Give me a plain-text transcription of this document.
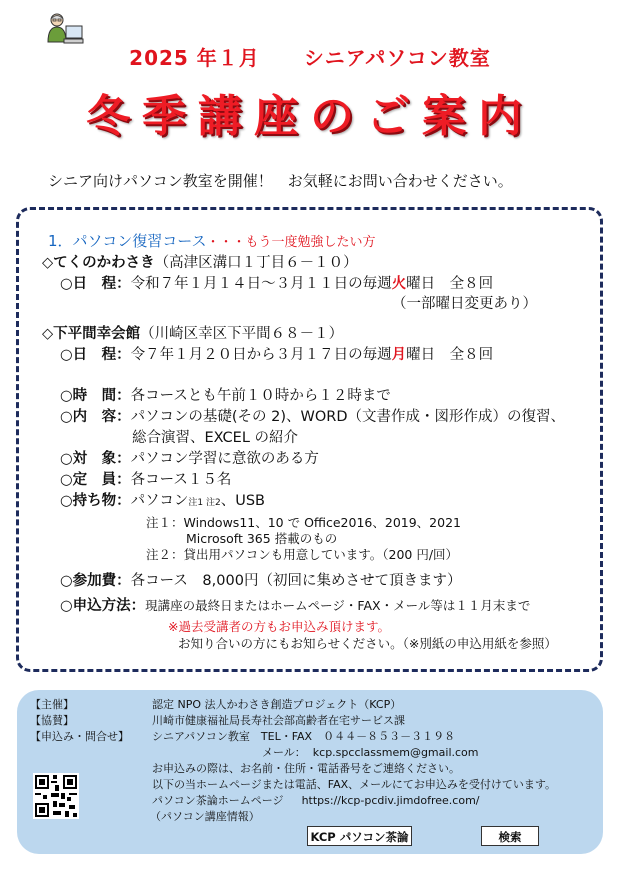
2025 年１月 シニアパソコン教室
冬季講座のご案内
シニア向けパソコン教室を開催！　お気軽にお問い合わせください。
1．パソコン復習コース・・・もう一度勉強したい方
◇てくのかわさき（高津区溝口１丁目６－１０）
○日　程：令和７年１月１４日～３月１１日の毎週火曜日　全８回
（一部曜日変更あり）
◇下平間幸会館（川崎区幸区下平間６８－１）
○日　程：令７年１月２０日から３月１７日の毎週月曜日　全８回
○時　間：各コースとも午前１０時から１２時まで
○内　容：パソコンの基礎(その 2)、WORD（文書作成・図形作成）の復習、
総合演習、EXCEL の紹介
○対　象：パソコン学習に意欲のある方
○定　員：各コース１５名
○持ち物：パソコン注1 注2、USB
注１：Windows11、10 で Office2016、2019、2021
Microsoft 365 搭載のもの
注２：貸出用パソコンも用意しています。（200 円/回）
○参加費：各コース　8,000円（初回に集めさせて頂きます）
○申込方法：現講座の最終日またはホームページ・FAX・メール等は１１月末まで
※過去受講者の方もお申込み頂けます。
お知り合いの方にもお知らせください。（※別紙の申込用紙を参照）
【主催】	認定 NPO 法人かわさき創造プロジェクト（KCP）
【協賛】	川崎市健康福祉局長寿社会部高齢者在宅サービス課
【申込み・問合せ】 シニアパソコン教室　TEL・FAX　０４４－８５３－３１９８
メール： kcp.spcclassmem@gmail.com
お申込みの際は、お名前・住所・電話番号をご連絡ください。
以下の当ホームページまたは電話、FAX、メールにてお申込みを受付けています。
パソコン茶論ホームページ https://kcp-pcdiv.jimdofree.com/
（パソコン講座情報）
KCP パソコン茶論	検索
